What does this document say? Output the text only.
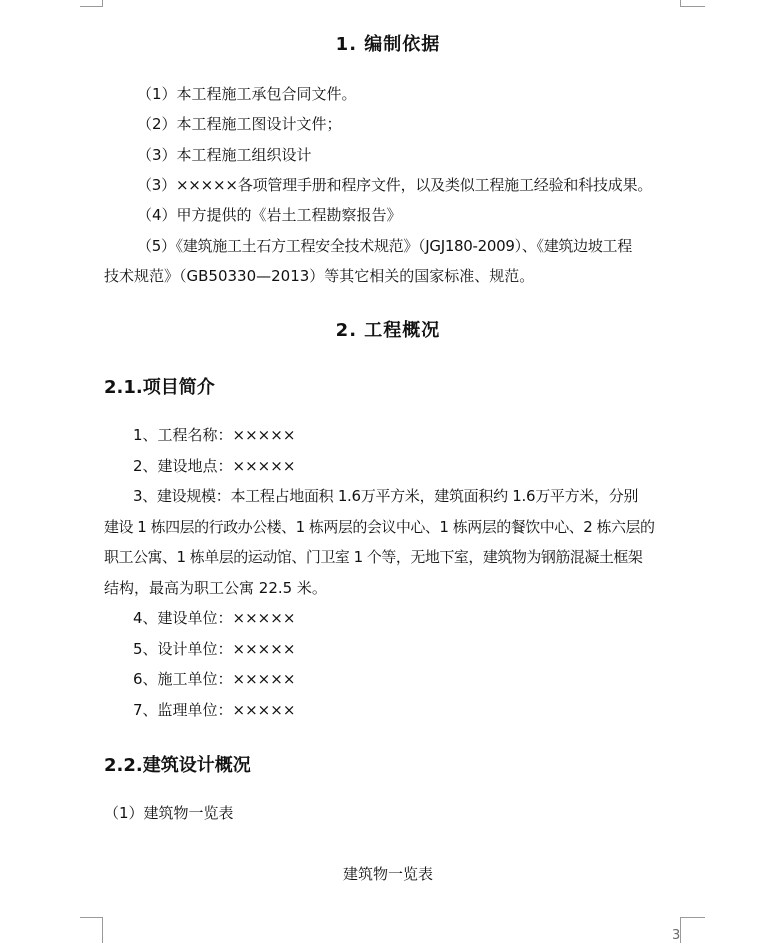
1. 编制依据
（1）本工程施工承包合同文件。
（2）本工程施工图设计文件；
（3）本工程施工组织设计
（3）×××××各项管理手册和程序文件，以及类似工程施工经验和科技成果。
（4）甲方提供的《岩土工程勘察报告》
（5）《建筑施工土石方工程安全技术规范》（JGJ180-2009）、《建筑边坡工程
技术规范》（GB50330—2013）等其它相关的国家标准、规范。
2. 工程概况
2.1.项目简介
1、工程名称：×××××
2、建设地点：×××××
3、建设规模：本工程占地面积 1.6万平方米，建筑面积约 1.6万平方米，分别
建设 1 栋四层的行政办公楼、1 栋两层的会议中心、1 栋两层的餐饮中心、2 栋六层的
职工公寓、1 栋单层的运动馆、门卫室 1 个等，无地下室，建筑物为钢筋混凝土框架
结构，最高为职工公寓 22.5 米。
4、建设单位：×××××
5、设计单位：×××××
6、施工单位：×××××
7、监理单位：×××××
2.2.建筑设计概况
（1）建筑物一览表
建筑物一览表
3
